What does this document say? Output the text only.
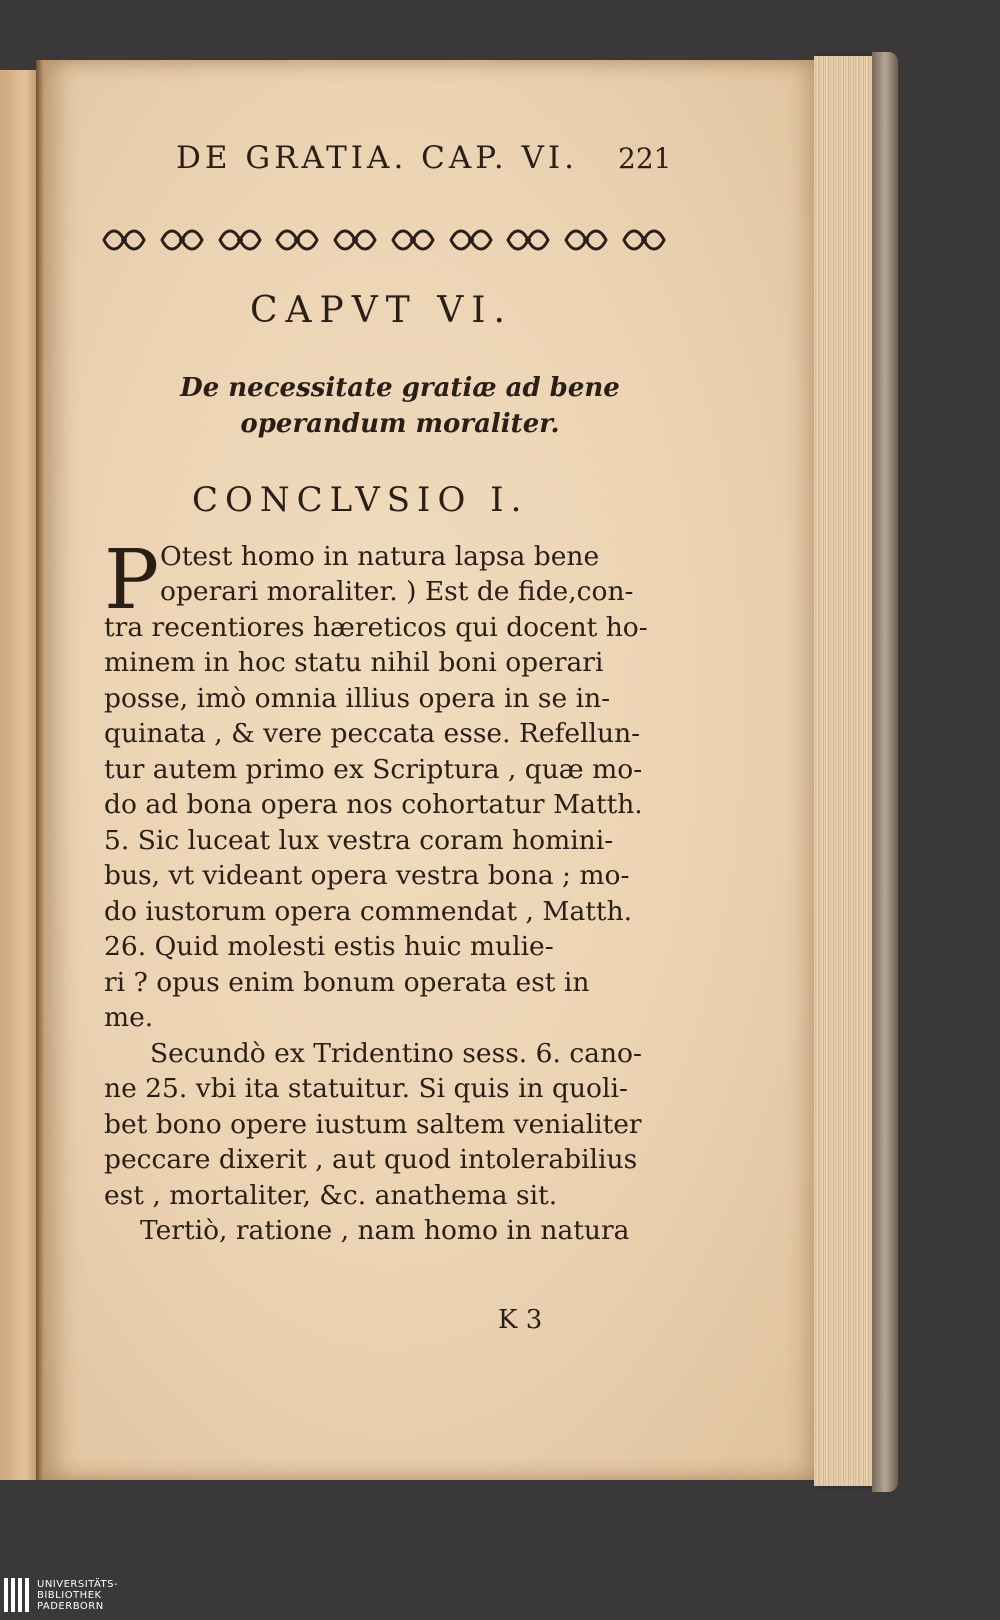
DE GRATIA. CAP. VI.	221
CAPVT VI.
De necessitate gratiæ ad bene operandum moraliter.
CONCLVSIO I.
P Otest homo in natura lapsa bene
operari moraliter. ) Est de fide,con-
tra recentiores hæreticos qui docent ho-
minem in hoc statu nihil boni operari
posse, imò omnia illius opera in se in-
quinata , & vere peccata esse. Refellun-
tur autem primo ex Scriptura , quæ mo-
do ad bona opera nos cohortatur Matth.
5. Sic luceat lux vestra coram homini-
bus, vt videant opera vestra bona ; mo-
do iustorum opera commendat , Matth.
26. Quid molesti estis huic mulie-
ri ? opus enim bonum operata est in
me.
Secundò ex Tridentino sess. 6. cano-
ne 25. vbi ita statuitur. Si quis in quoli-
bet bono opere iustum saltem venialiter
peccare dixerit , aut quod intolerabilius
est , mortaliter, &c. anathema sit.
Tertiò, ratione , nam homo in natura
K 3
UNIVERSITÄTS-
BIBLIOTHEK
PADERBORN
